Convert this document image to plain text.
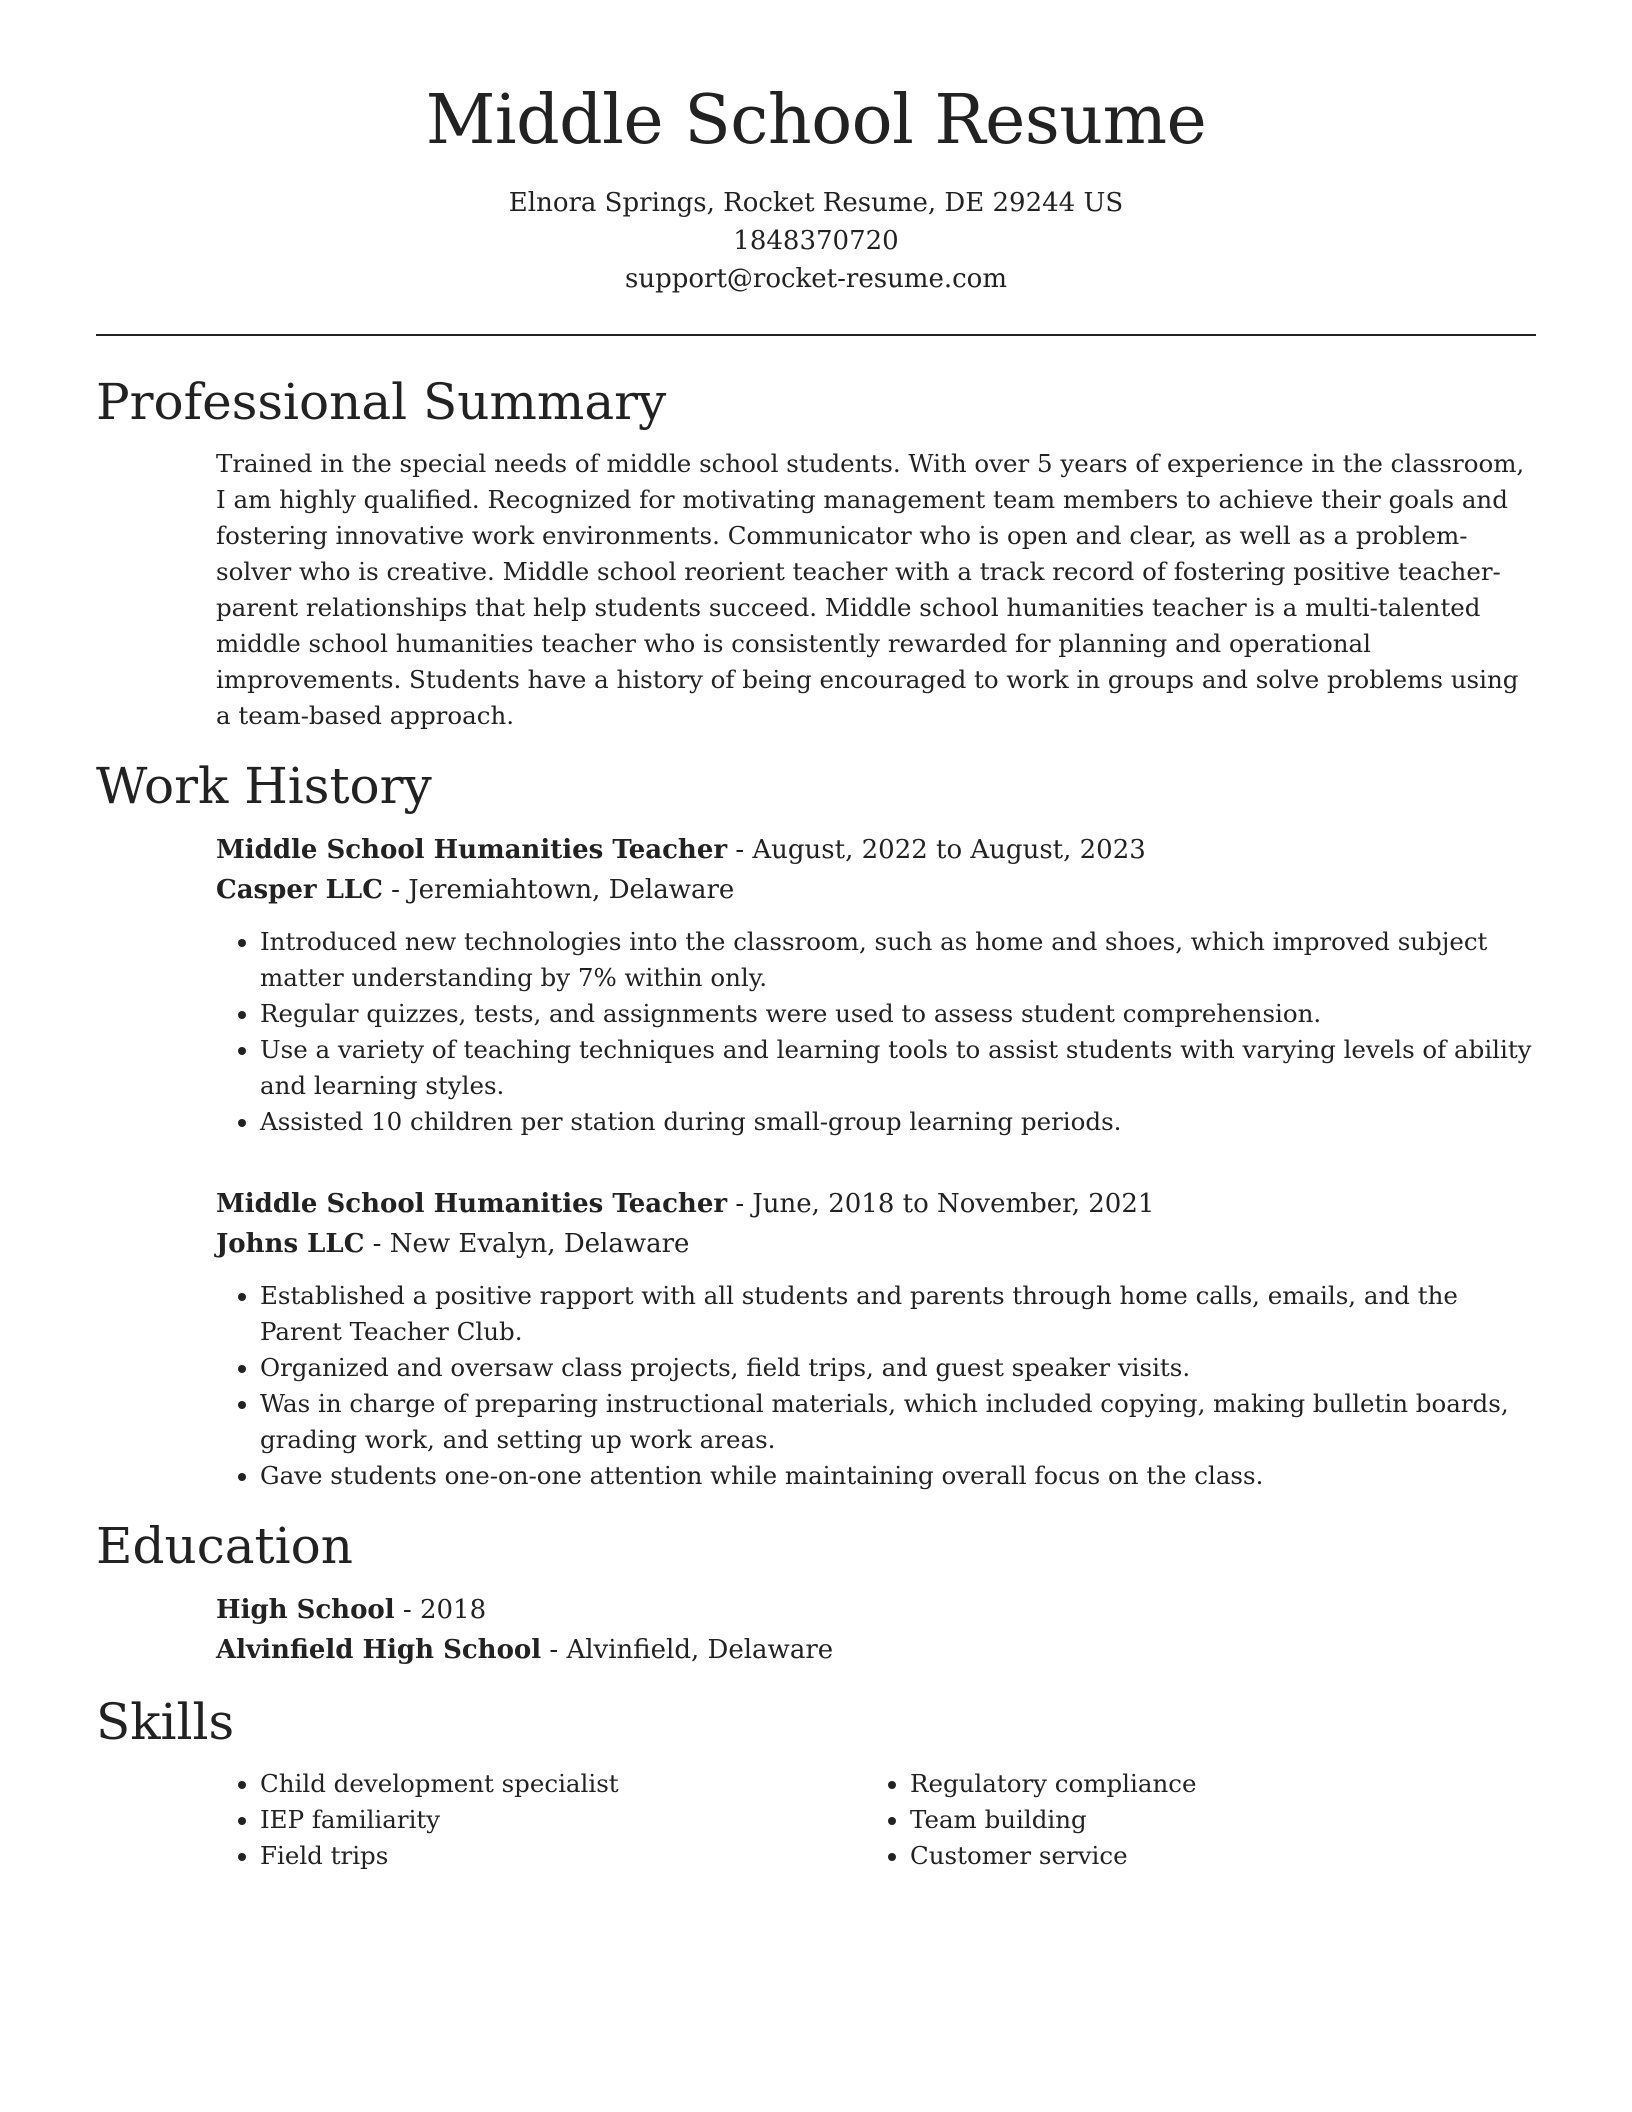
Middle School Resume
Elnora Springs, Rocket Resume, DE 29244 US
1848370720
support@rocket-resume.com
Professional Summary

Trained in the special needs of middle school students. With over 5 years of experience in the classroom, I am highly qualified. Recognized for motivating management team members to achieve their goals and fostering innovative work environments. Communicator who is open and clear, as well as a problem-solver who is creative. Middle school reorient teacher with a track record of fostering positive teacher-parent relationships that help students succeed. Middle school humanities teacher is a multi-talented middle school humanities teacher who is consistently rewarded for planning and operational improvements. Students have a history of being encouraged to work in groups and solve problems using a team-based approach.

Work History
Middle School Humanities Teacher - August, 2022 to August, 2023
Casper LLC - Jeremiahtown, Delaware
• Introduced new technologies into the classroom, such as home and shoes, which improved subject matter understanding by 7% within only.
• Regular quizzes, tests, and assignments were used to assess student comprehension.
• Use a variety of teaching techniques and learning tools to assist students with varying levels of ability and learning styles.
• Assisted 10 children per station during small-group learning periods.
Middle School Humanities Teacher - June, 2018 to November, 2021
Johns LLC - New Evalyn, Delaware
• Established a positive rapport with all students and parents through home calls, emails, and the Parent Teacher Club.
• Organized and oversaw class projects, field trips, and guest speaker visits.
• Was in charge of preparing instructional materials, which included copying, making bulletin boards, grading work, and setting up work areas.
• Gave students one-on-one attention while maintaining overall focus on the class.
Education
High School - 2018
Alvinfield High School - Alvinfield, Delaware
Skills
• Child development specialist
• IEP familiarity
• Field trips
• Regulatory compliance
• Team building
• Customer service
